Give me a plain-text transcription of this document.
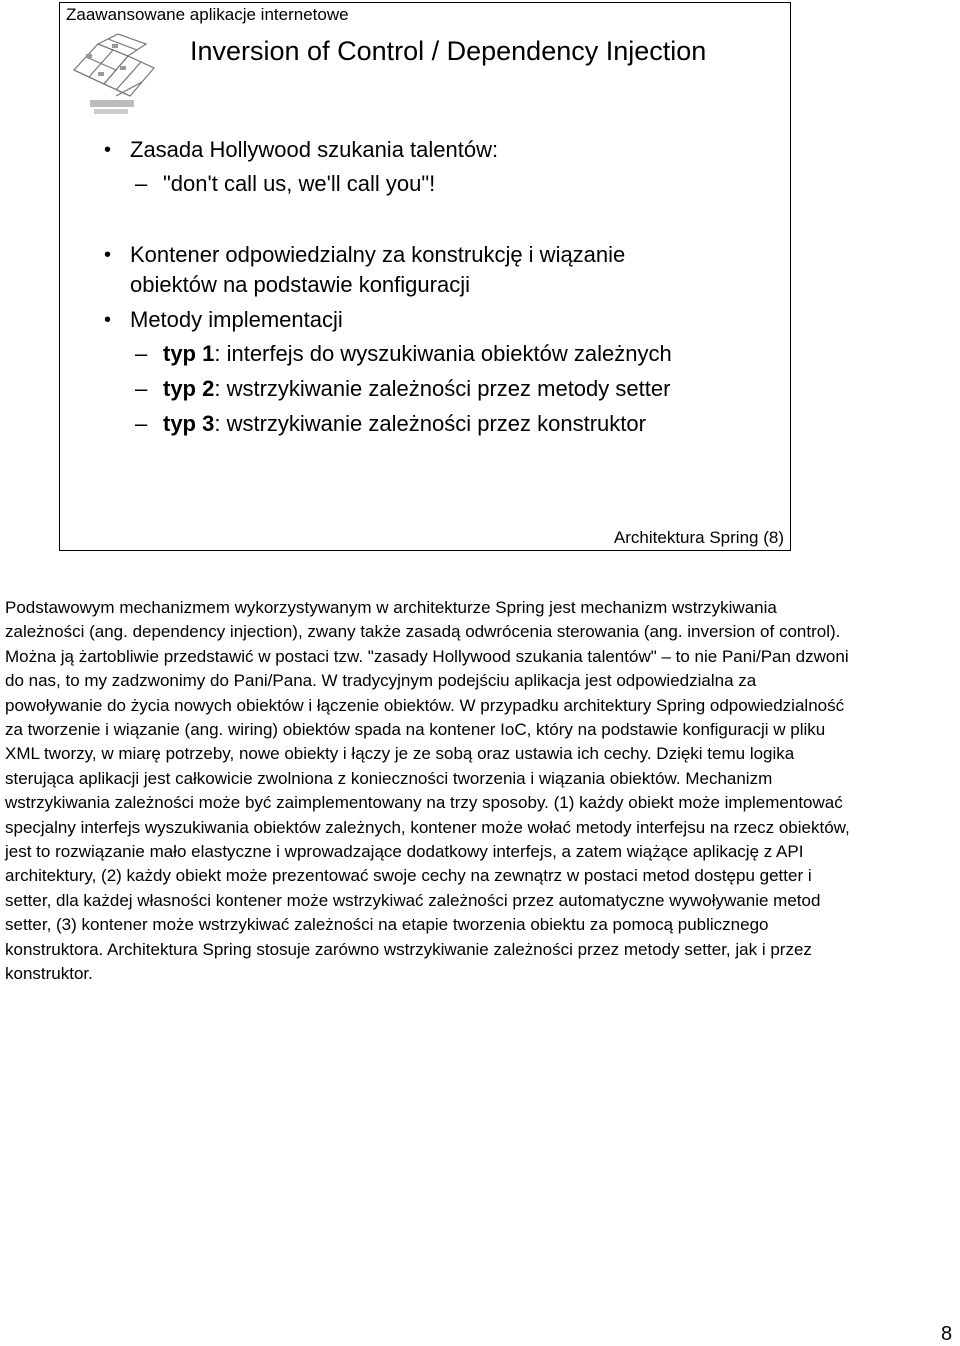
Zaawansowane aplikacje internetowe
Inversion of Control / Dependency Injection
• Zasada Hollywood szukania talentów:
– "don't call us, we'll call you"!
• Kontener odpowiedzialny za konstrukcję i wiązanie
obiektów na podstawie konfiguracji
• Metody implementacji
– typ 1: interfejs do wyszukiwania obiektów zależnych
– typ 2: wstrzykiwanie zależności przez metody setter
– typ 3: wstrzykiwanie zależności przez konstruktor
Architektura Spring (8)

Podstawowym mechanizmem wykorzystywanym w architekturze Spring jest mechanizm wstrzykiwania zależności (ang. dependency injection), zwany także zasadą odwrócenia sterowania (ang. inversion of control). Można ją żartobliwie przedstawić w postaci tzw. "zasady Hollywood szukania talentów" – to nie Pani/Pan dzwoni do nas, to my zadzwonimy do Pani/Pana. W tradycyjnym podejściu aplikacja jest odpowiedzialna za powoływanie do życia nowych obiektów i łączenie obiektów. W przypadku architektury Spring odpowiedzialność za tworzenie i wiązanie (ang. wiring) obiektów spada na kontener IoC, który na podstawie konfiguracji w pliku XML tworzy, w miarę potrzeby, nowe obiekty i łączy je ze sobą oraz ustawia ich cechy. Dzięki temu logika sterująca aplikacji jest całkowicie zwolniona z konieczności tworzenia i wiązania obiektów. Mechanizm wstrzykiwania zależności może być zaimplementowany na trzy sposoby. (1) każdy obiekt może implementować specjalny interfejs wyszukiwania obiektów zależnych, kontener może wołać metody interfejsu na rzecz obiektów, jest to rozwiązanie mało elastyczne i wprowadzające dodatkowy interfejs, a zatem wiążące aplikację z API architektury, (2) każdy obiekt może prezentować swoje cechy na zewnątrz w postaci metod dostępu getter i setter, dla każdej własności kontener może wstrzykiwać zależności przez automatyczne wywoływanie metod setter, (3) kontener może wstrzykiwać zależności na etapie tworzenia obiektu za pomocą publicznego konstruktora. Architektura Spring stosuje zarówno wstrzykiwanie zależności przez metody setter, jak i przez konstruktor.

8
